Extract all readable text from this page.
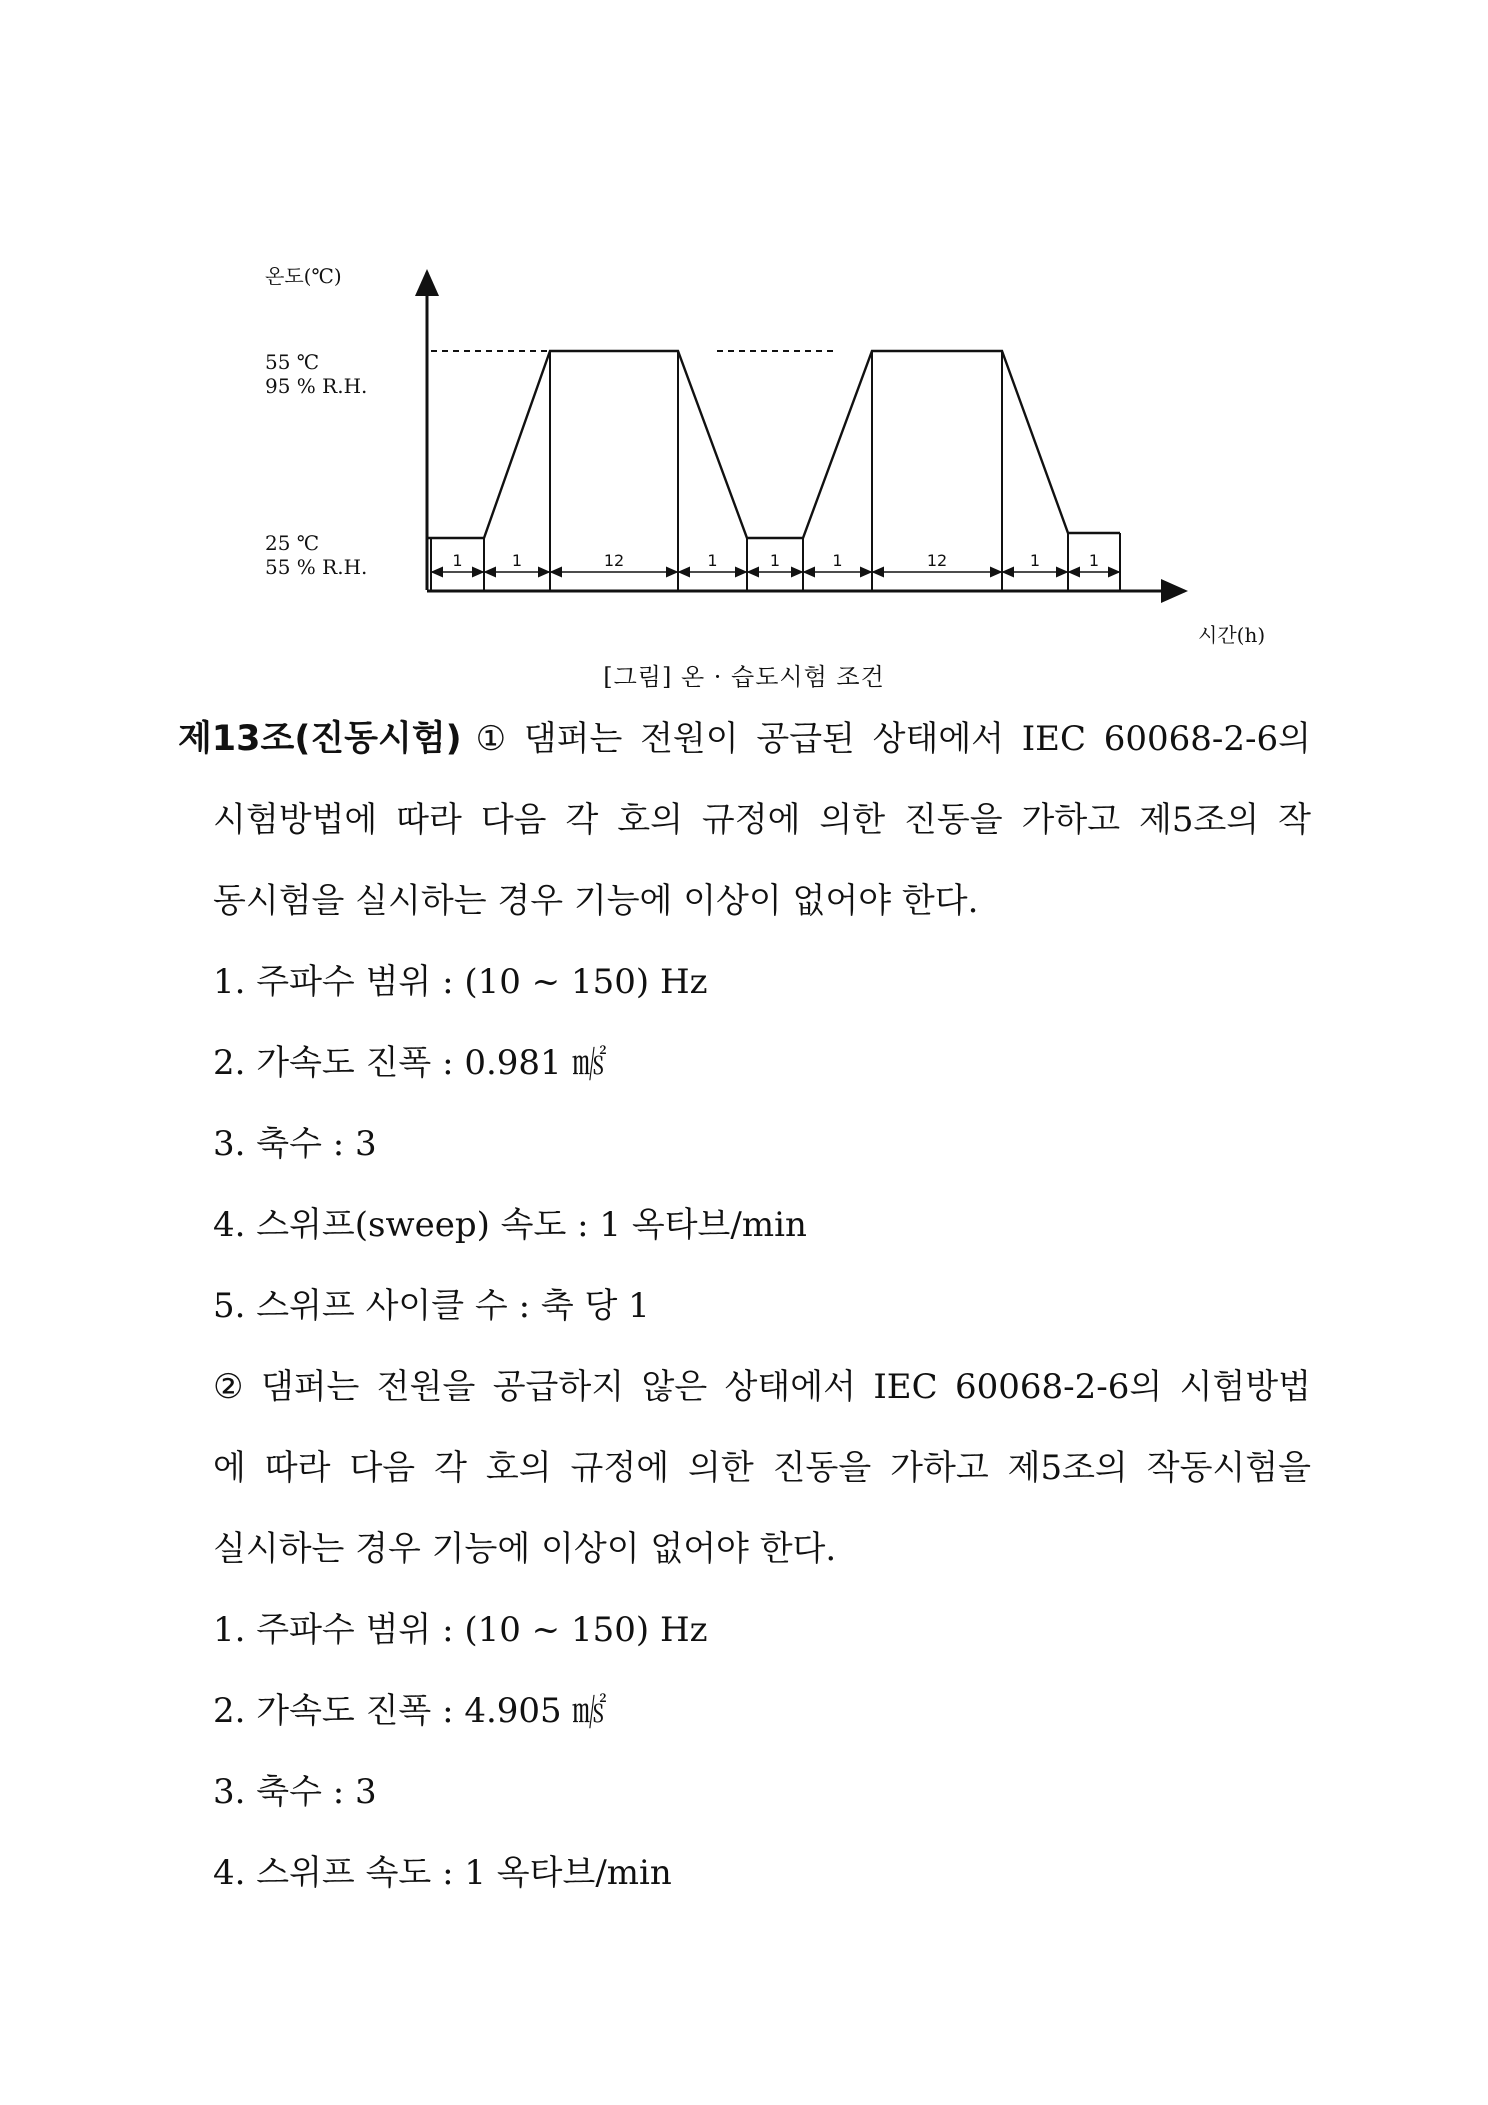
온도(℃)
시간(h)
55 ℃
95 % R.H.
25 ℃
55 % R.H.	1	1	12	1	1	1	12	1	1
[그림] 온 · 습도시험 조건
제13조(진동시험) ① 댐퍼는 전원이 공급된 상태에서 IEC 60068-2-6의
시험방법에 따라 다음 각 호의 규정에 의한 진동을 가하고 제5조의 작
동시험을 실시하는 경우 기능에 이상이 없어야 한다.
1. 주파수 범위 : (10 ~ 150) Hz
2. 가속도 진폭 : 0.981 ㎨
3. 축수 : 3
4. 스위프(sweep) 속도 : 1 옥타브/min
5. 스위프 사이클 수 : 축 당 1
② 댐퍼는 전원을 공급하지 않은 상태에서 IEC 60068-2-6의 시험방법
에 따라 다음 각 호의 규정에 의한 진동을 가하고 제5조의 작동시험을
실시하는 경우 기능에 이상이 없어야 한다.
1. 주파수 범위 : (10 ~ 150) Hz
2. 가속도 진폭 : 4.905 ㎨
3. 축수 : 3
4. 스위프 속도 : 1 옥타브/min
